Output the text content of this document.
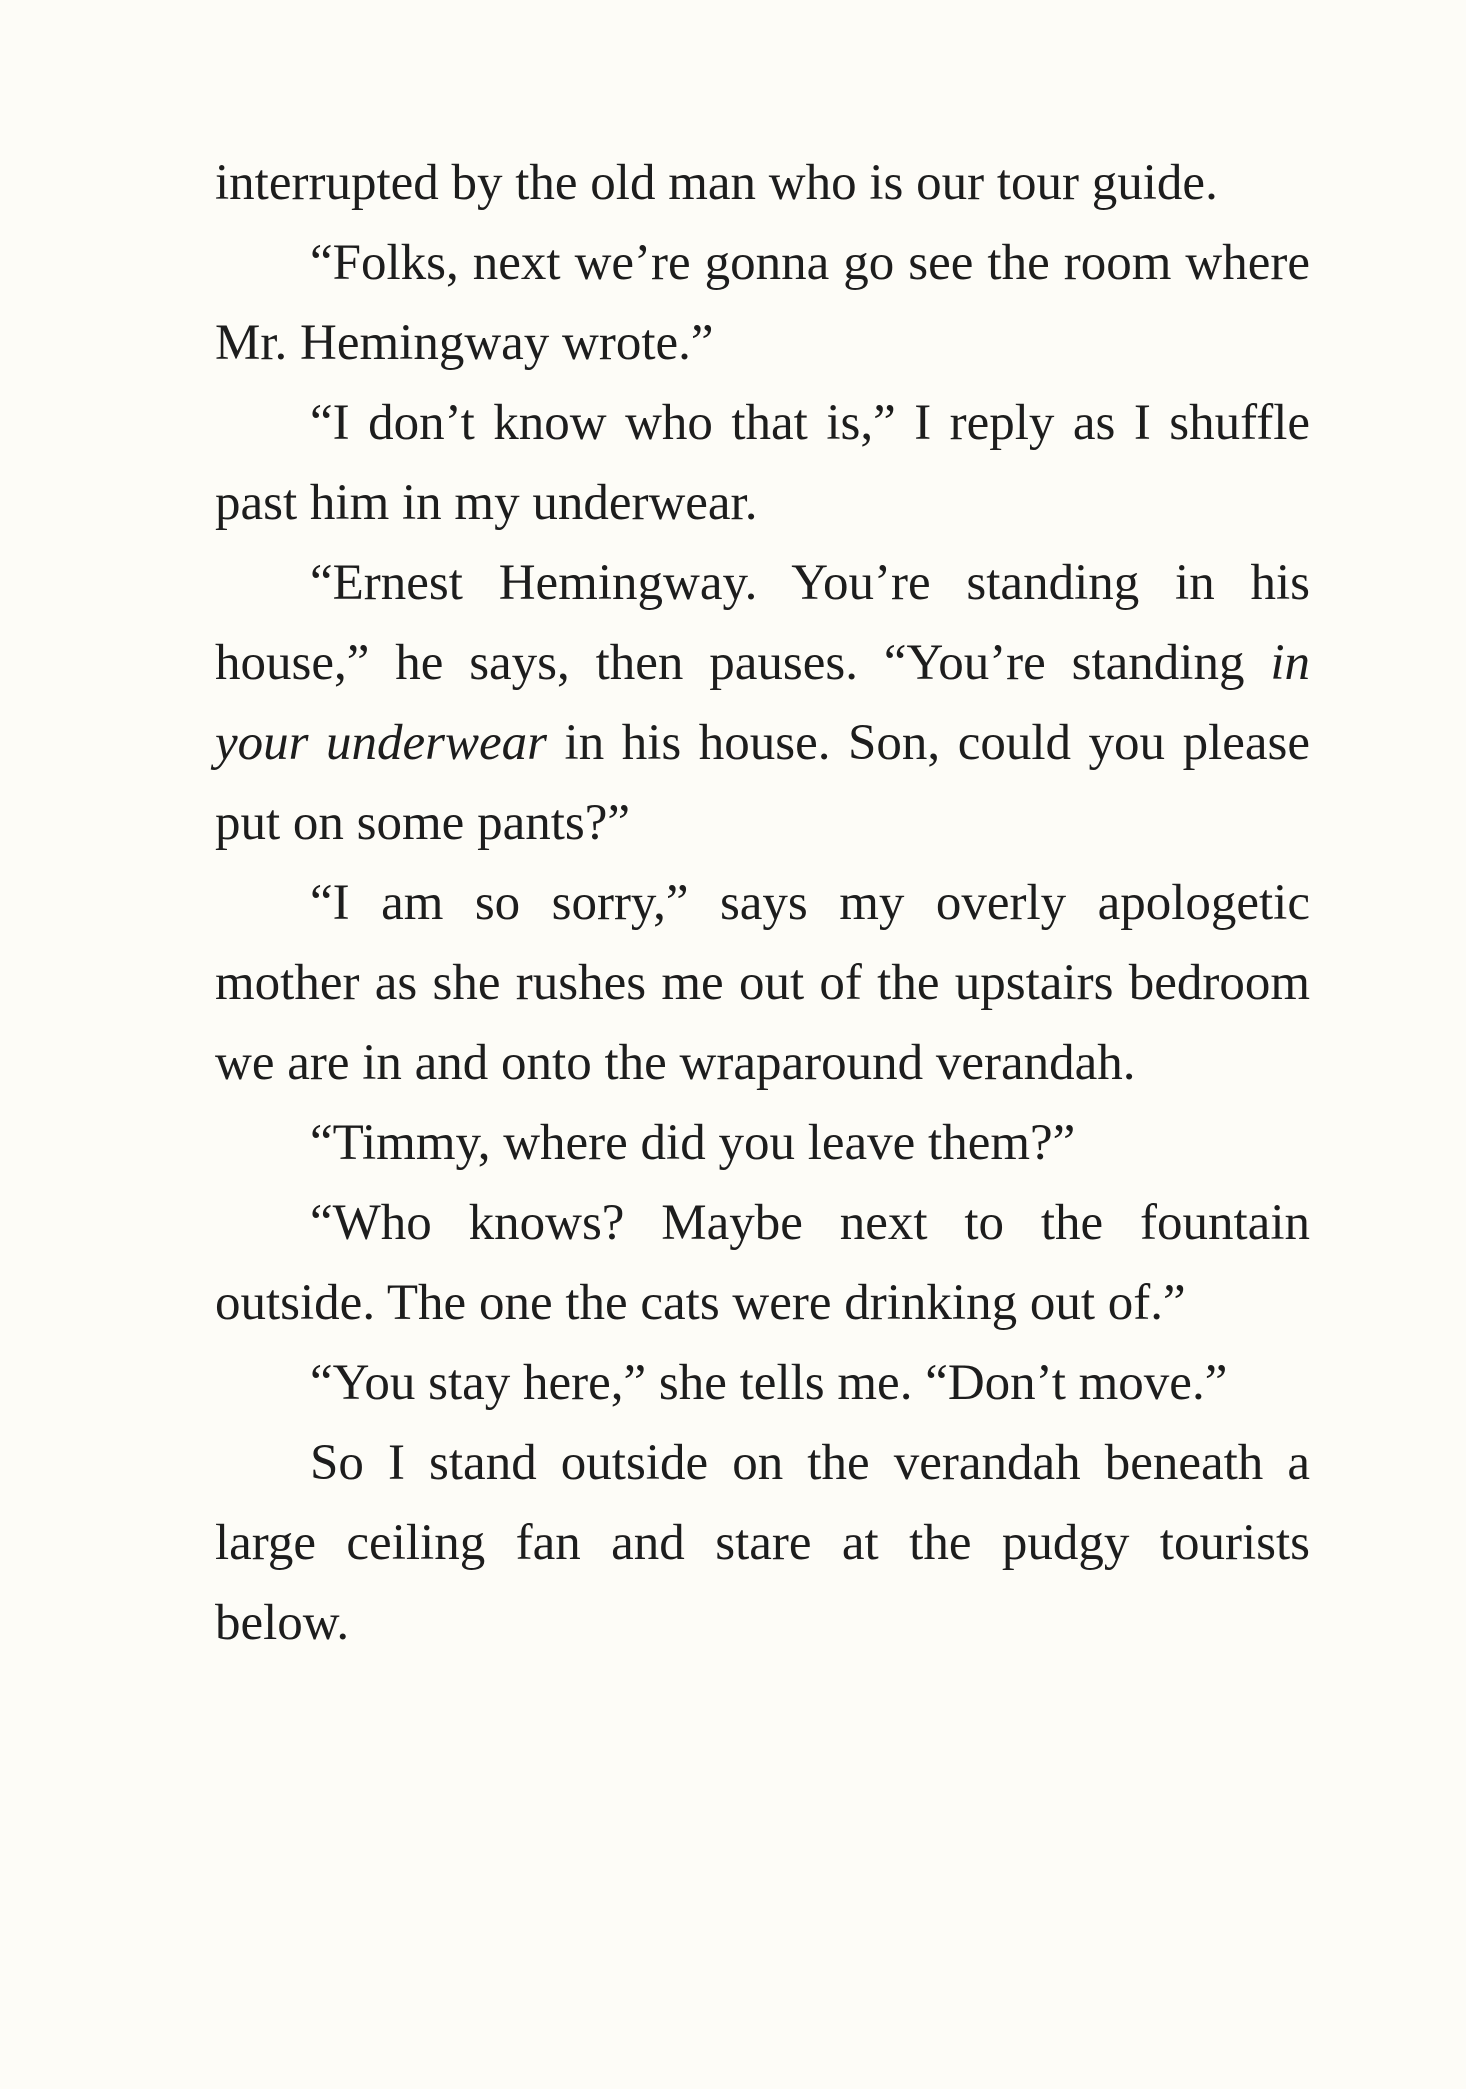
interrupted by the old man who is our tour guide.

“Folks, next we’re gonna go see the room where Mr. Hemingway wrote.”

“I don’t know who that is,” I reply as I shuffle past him in my underwear.

“Ernest Hemingway. You’re standing in his house,” he says, then pauses. “You’re standing in your underwear in his house. Son, could you please put on some pants?”

“I am so sorry,” says my overly apologetic mother as she rushes me out of the upstairs bedroom we are in and onto the wraparound verandah.

“Timmy, where did you leave them?”

“Who knows? Maybe next to the fountain outside. The one the cats were drinking out of.”

“You stay here,” she tells me. “Don’t move.”

So I stand outside on the verandah beneath a large ceiling fan and stare at the pudgy tourists below.
